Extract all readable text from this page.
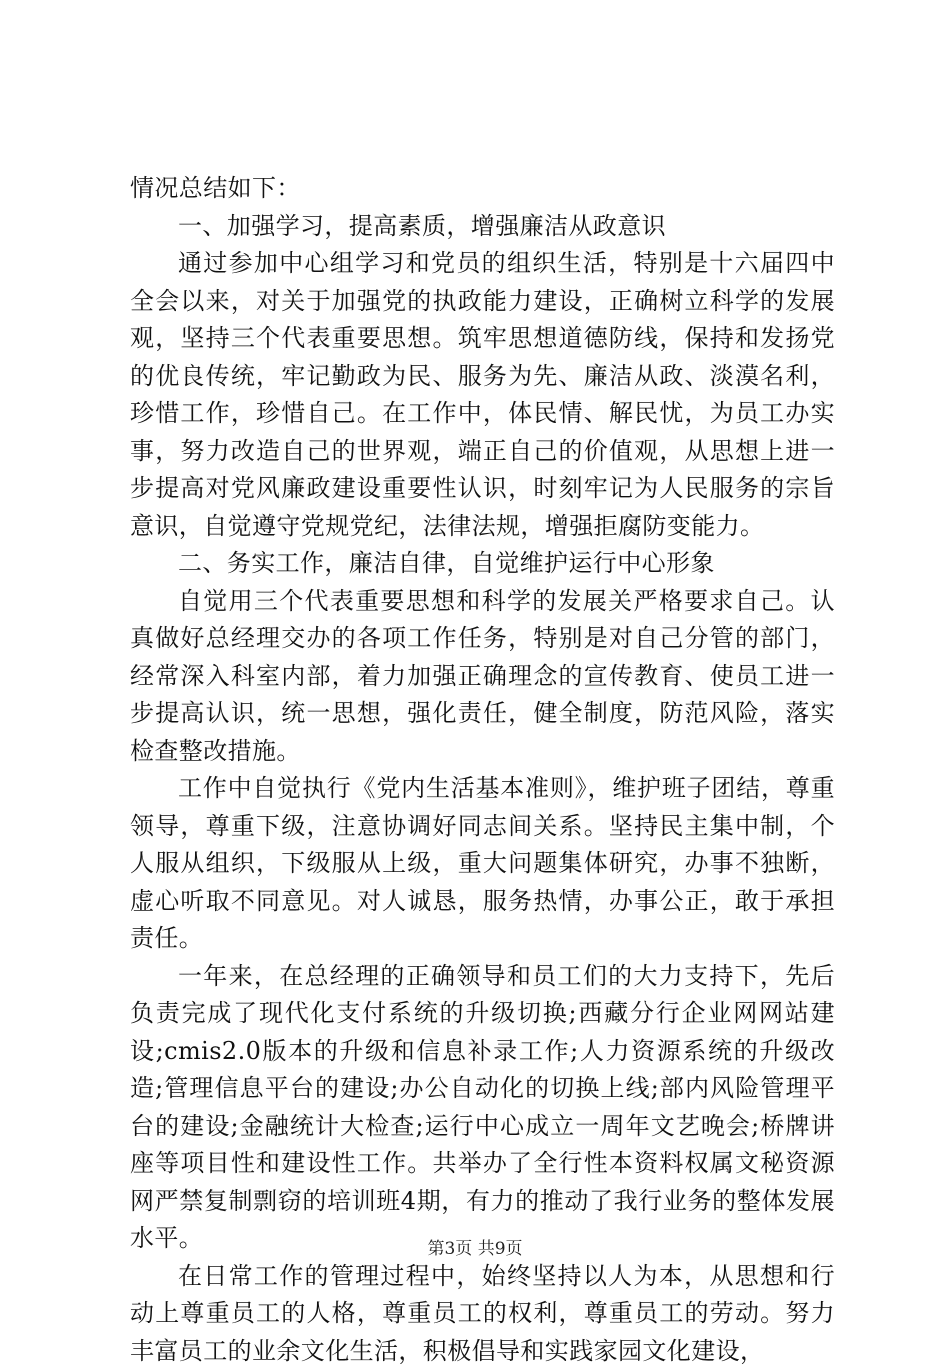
情况总结如下：

一、加强学习，提高素质，增强廉洁从政意识

通过参加中心组学习和党员的组织生活，特别是十六届四中全会以来，对关于加强党的执政能力建设，正确树立科学的发展观，坚持三个代表重要思想。筑牢思想道德防线，保持和发扬党的优良传统，牢记勤政为民、服务为先、廉洁从政、淡漠名利，珍惜工作，珍惜自己。在工作中，体民情、解民忧，为员工办实事，努力改造自己的世界观，端正自己的价值观，从思想上进一步提高对党风廉政建设重要性认识，时刻牢记为人民服务的宗旨意识，自觉遵守党规党纪，法律法规，增强拒腐防变能力。

二、务实工作，廉洁自律，自觉维护运行中心形象

自觉用三个代表重要思想和科学的发展关严格要求自己。认真做好总经理交办的各项工作任务，特别是对自己分管的部门，经常深入科室内部，着力加强正确理念的宣传教育、使员工进一步提高认识，统一思想，强化责任，健全制度，防范风险，落实检查整改措施。

工作中自觉执行《党内生活基本准则》，维护班子团结，尊重领导，尊重下级，注意协调好同志间关系。坚持民主集中制，个人服从组织，下级服从上级，重大问题集体研究，办事不独断，虚心听取不同意见。对人诚恳，服务热情，办事公正，敢于承担责任。

一年来，在总经理的正确领导和员工们的大力支持下，先后负责完成了现代化支付系统的升级切换;西藏分行企业网网站建设;cmis2.0版本的升级和信息补录工作;人力资源系统的升级改造;管理信息平台的建设;办公自动化的切换上线;部内风险管理平台的建设;金融统计大检查;运行中心成立一周年文艺晚会;桥牌讲座等项目性和建设性工作。共举办了全行性本资料权属文秘资源网严禁复制剽窃的培训班4期，有力的推动了我行业务的整体发展水平。

在日常工作的管理过程中，始终坚持以人为本，从思想和行动上尊重员工的人格，尊重员工的权利，尊重员工的劳动。努力丰富员工的业余文化生活，积极倡导和实践家园文化建设，

第3页 共9页
